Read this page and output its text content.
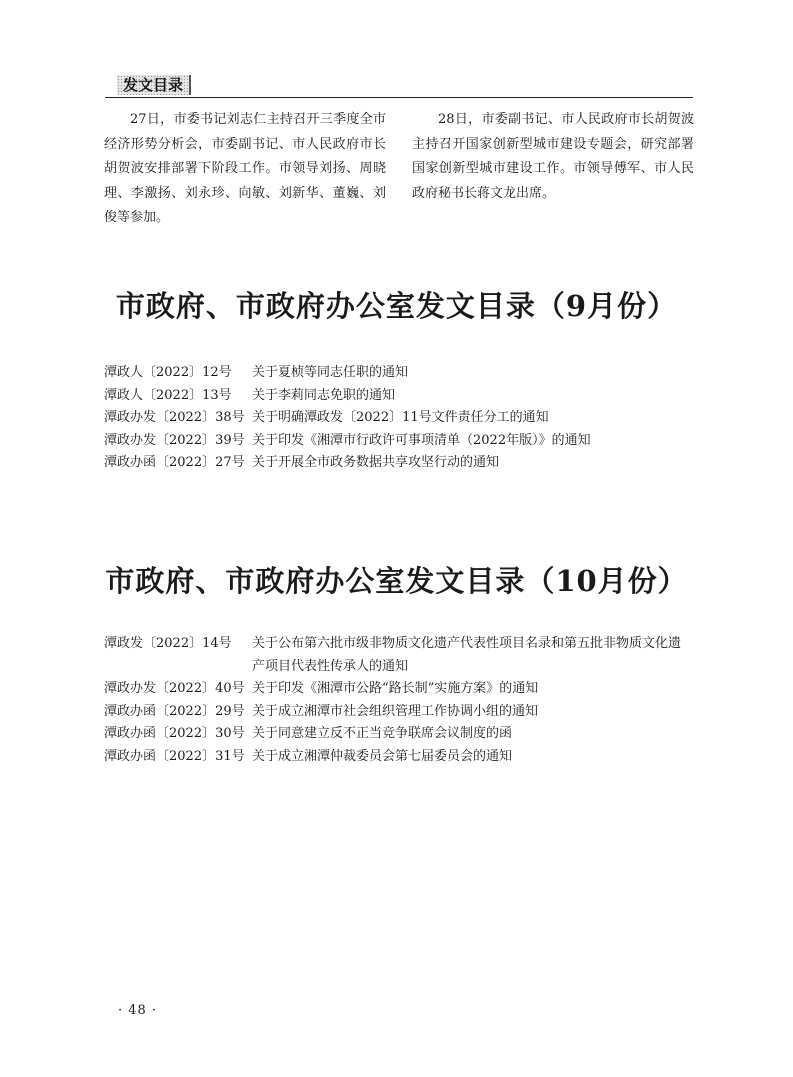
发文目录

27日，市委书记刘志仁主持召开三季度全市经济形势分析会，市委副书记、市人民政府市长胡贺波安排部署下阶段工作。市领导刘扬、周晓理、李激扬、刘永珍、向敏、刘新华、董巍、刘俊等参加。

28日，市委副书记、市人民政府市长胡贺波主持召开国家创新型城市建设专题会，研究部署国家创新型城市建设工作。市领导傅军、市人民政府秘书长蒋文龙出席。

市政府、市政府办公室发文目录（9月份）
潭政人〔2022〕12号	关于夏桢等同志任职的通知
潭政人〔2022〕13号	关于李莉同志免职的通知
潭政办发〔2022〕38号 关于明确潭政发〔2022〕11号文件责任分工的通知
潭政办发〔2022〕39号 关于印发《湘潭市行政许可事项清单（2022年版）》的通知
潭政办函〔2022〕27号 关于开展全市政务数据共享攻坚行动的通知
市政府、市政府办公室发文目录（10月份）
潭政发〔2022〕14号	关于公布第六批市级非物质文化遗产代表性项目名录和第五批非物质文化遗产项目代表性传承人的通知
潭政办发〔2022〕40号 关于印发《湘潭市公路“路长制”实施方案》的通知
潭政办函〔2022〕29号 关于成立湘潭市社会组织管理工作协调小组的通知
潭政办函〔2022〕30号 关于同意建立反不正当竞争联席会议制度的函
潭政办函〔2022〕31号 关于成立湘潭仲裁委员会第七届委员会的通知
· 48 ·
